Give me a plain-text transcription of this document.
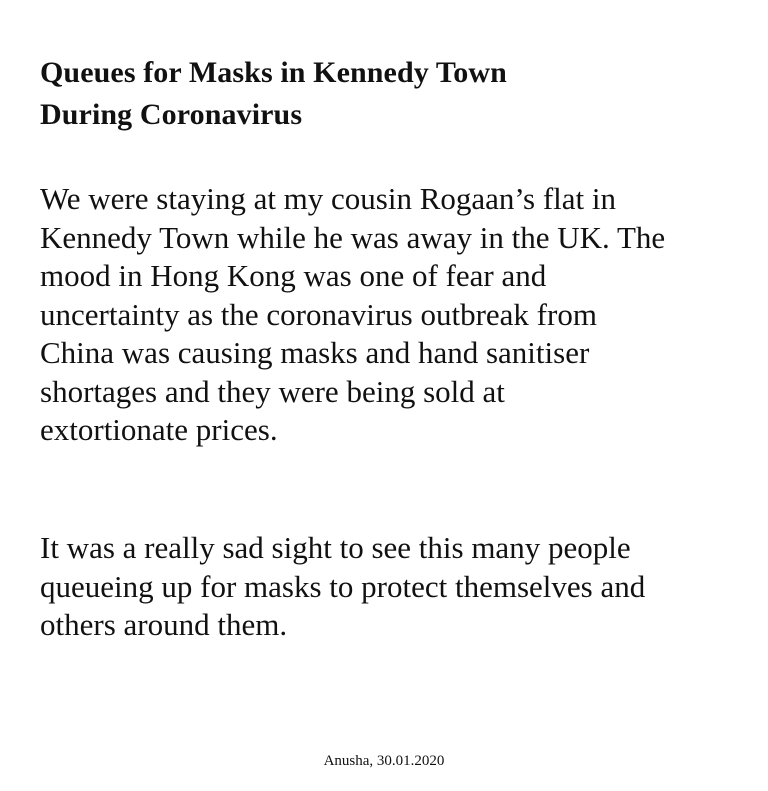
Queues for Masks in Kennedy Town
During Coronavirus

We were staying at my cousin Rogaan’s flat in
Kennedy Town while he was away in the UK. The
mood in Hong Kong was one of fear and
uncertainty as the coronavirus outbreak from
China was causing masks and hand sanitiser
shortages and they were being sold at
extortionate prices.

It was a really sad sight to see this many people
queueing up for masks to protect themselves and
others around them.

Anusha, 30.01.2020
